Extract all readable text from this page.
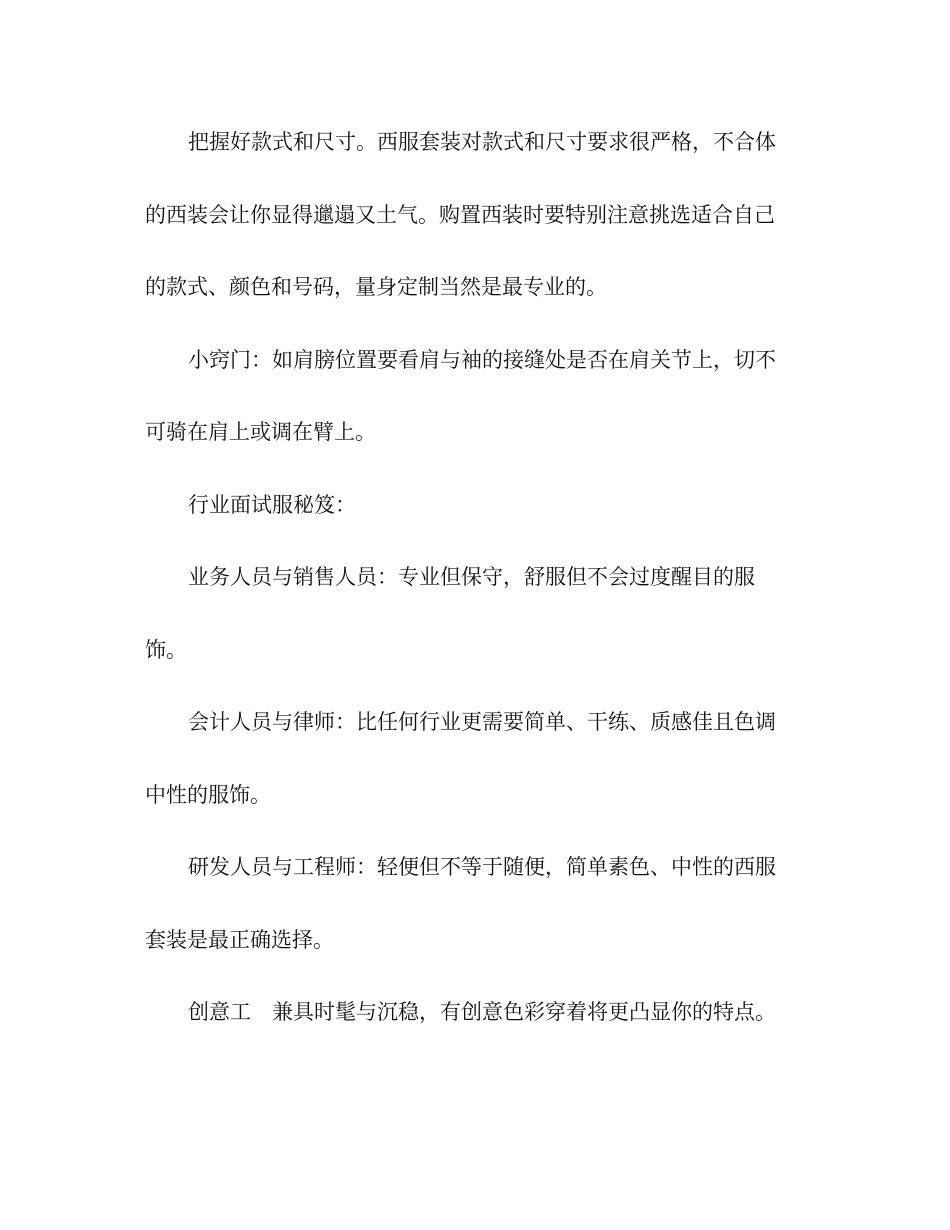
把握好款式和尺寸。西服套装对款式和尺寸要求很严格，不合体
的西装会让你显得邋遢又土气。购置西装时要特别注意挑选适合自己
的款式、颜色和号码，量身定制当然是最专业的。
小窍门：如肩膀位置要看肩与袖的接缝处是否在肩关节上，切不
可骑在肩上或调在臂上。
行业面试服秘笈：
业务人员与销售人员：专业但保守，舒服但不会过度醒目的服
饰。
会计人员与律师：比任何行业更需要简单、干练、质感佳且色调
中性的服饰。
研发人员与工程师：轻便但不等于随便，简单素色、中性的西服
套装是最正确选择。
创意工　兼具时髦与沉稳，有创意色彩穿着将更凸显你的特点。
